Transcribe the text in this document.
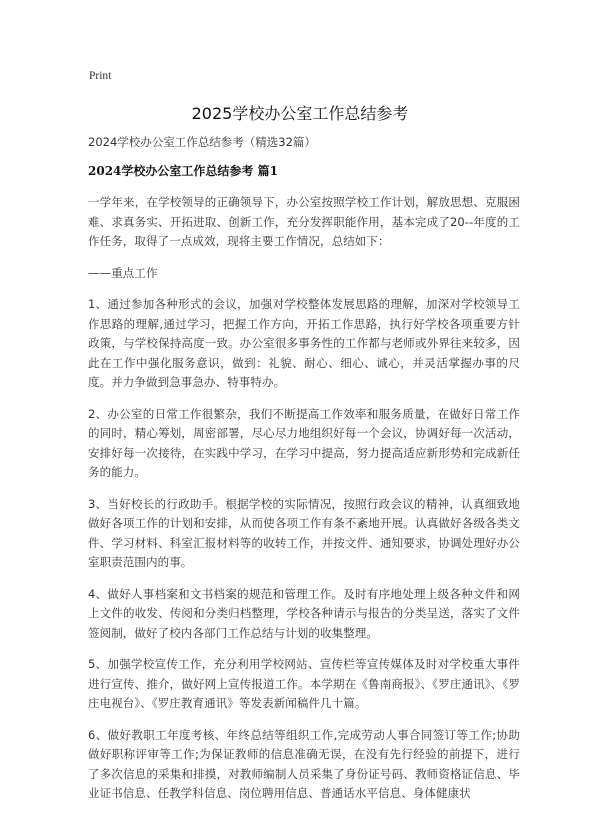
Print
2025学校办公室工作总结参考

2024学校办公室工作总结参考（精选32篇）

2024学校办公室工作总结参考 篇1

一学年来，在学校领导的正确领导下，办公室按照学校工作计划，解放思想、克服困难、求真务实、开拓进取、创新工作，充分发挥职能作用，基本完成了20--年度的工作任务，取得了一点成效，现将主要工作情况，总结如下：

——重点工作

1、通过参加各种形式的会议，加强对学校整体发展思路的理解，加深对学校领导工作思路的理解,通过学习，把握工作方向，开拓工作思路，执行好学校各项重要方针政策，与学校保持高度一致。办公室很多事务性的工作都与老师或外界往来较多，因此在工作中强化服务意识，做到：礼貌、耐心、细心、诚心，并灵活掌握办事的尺度。并力争做到急事急办、特事特办。

2、办公室的日常工作很繁杂，我们不断提高工作效率和服务质量，在做好日常工作的同时，精心筹划，周密部署，尽心尽力地组织好每一个会议，协调好每一次活动，安排好每一次接待，在实践中学习，在学习中提高，努力提高适应新形势和完成新任务的能力。

3、当好校长的行政助手。根据学校的实际情况，按照行政会议的精神，认真细致地做好各项工作的计划和安排，从而使各项工作有条不紊地开展。认真做好各级各类文件、学习材料、科室汇报材料等的收转工作，并按文件、通知要求，协调处理好办公室职责范围内的事。

4、做好人事档案和文书档案的规范和管理工作。及时有序地处理上级各种文件和网上文件的收发、传阅和分类归档整理，学校各种请示与报告的分类呈送，落实了文件签阅制，做好了校内各部门工作总结与计划的收集整理。

5、加强学校宣传工作，充分利用学校网站、宣传栏等宣传媒体及时对学校重大事件进行宣传、推介，做好网上宣传报道工作。本学期在《鲁南商报》、《罗庄通讯》、《罗庄电视台》、《罗庄教育通讯》等发表新闻稿件几十篇。

6、做好教职工年度考核、年终总结等组织工作,完成劳动人事合同签订等工作;协助做好职称评审等工作;为保证教师的信息准确无误，在没有先行经验的前提下，进行了多次信息的采集和排摸，对教师编制人员采集了身份证号码、教师资格证信息、毕业证书信息、任教学科信息、岗位聘用信息、普通话水平信息、身体健康状
